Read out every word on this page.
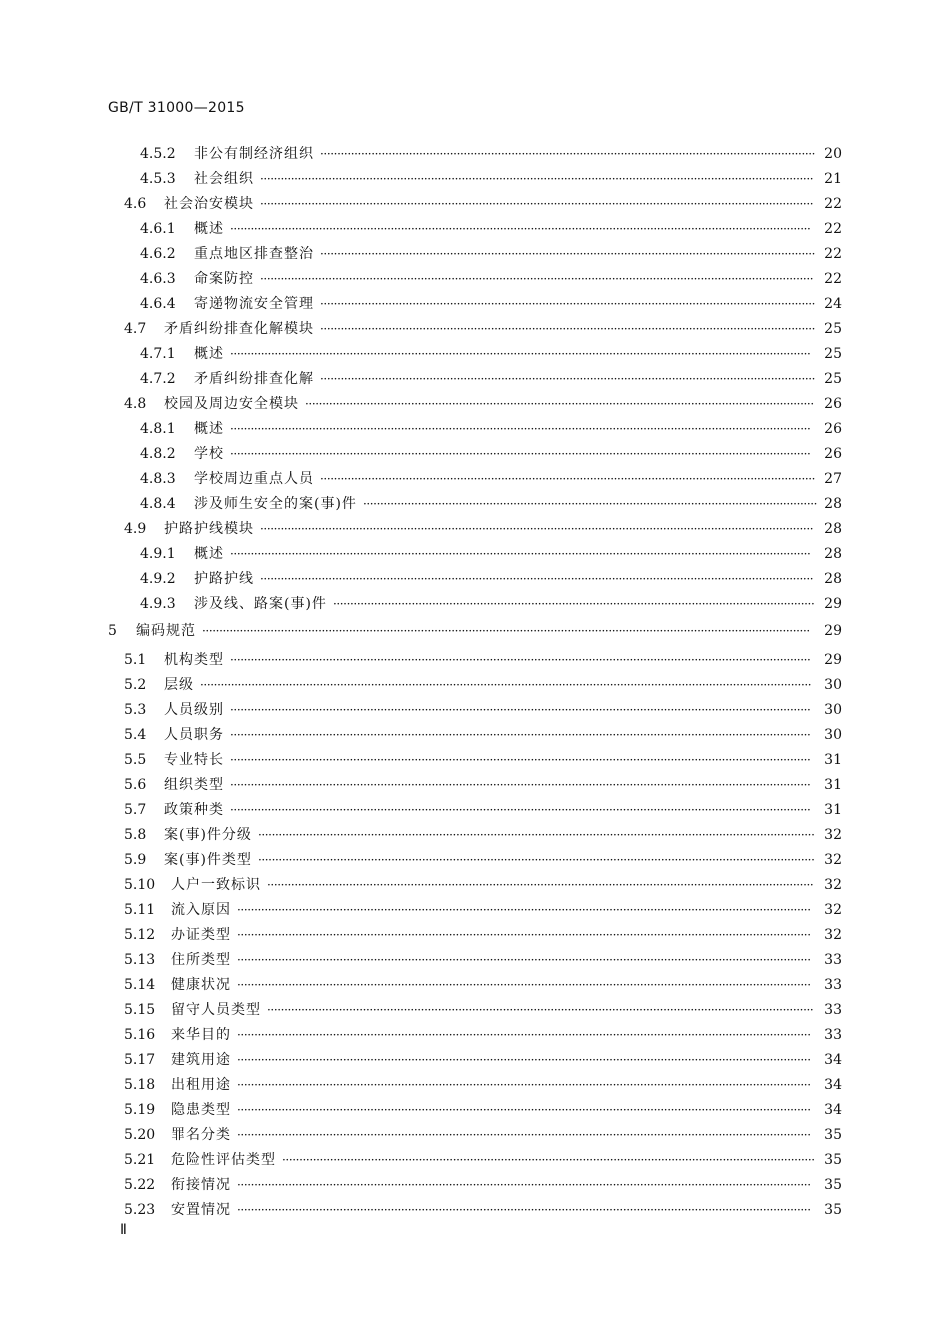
GB/T 31000—2015
4.5.2 非公有制经济组织	20
·················································································································································
4.5.3 社会组织	21
··································································································································································
4.6 社会治安模块	22
··································································································································································
4.6.1 概述	22
··········································································································································································
4.6.2 重点地区排查整治	22
·················································································································································
4.6.3 命案防控	22
··································································································································································
4.6.4 寄递物流安全管理	24
·················································································································································
4.7 矛盾纠纷排查化解模块	25
·················································································································································
4.7.1 概述	25
··········································································································································································
4.7.2 矛盾纠纷排查化解	25
·················································································································································
4.8 校园及周边安全模块	26
·····················································································································································
4.8.1 概述	26
··········································································································································································
4.8.2 学校	26
··········································································································································································
4.8.3 学校周边重点人员	27
·················································································································································
4.8.4 涉及师生安全的案(事)件	28
·····································································································································
4.9 护路护线模块	28
··································································································································································
4.9.1 概述	28
··········································································································································································
4.9.2 护路护线	28
··································································································································································
4.9.3 涉及线、路案(事)件	29
·············································································································································
5 编码规范	29
··················································································································································································
5.1 机构类型	29
··········································································································································································
5.2 层级	30
···················································································································································································
5.3 人员级别	30
··········································································································································································
5.4 人员职务	30
··········································································································································································
5.5 专业特长	31
··········································································································································································
5.6 组织类型	31
··········································································································································································
5.7 政策种类	31
··········································································································································································
5.8 案(事)件分级	32
···································································································································································
5.9 案(事)件类型	32
···································································································································································
5.10 人户一致标识	32
································································································································································
5.11 流入原因	32
········································································································································································
5.12 办证类型	32
········································································································································································
5.13 住所类型	33
········································································································································································
5.14 健康状况	33
········································································································································································
5.15 留守人员类型	33
································································································································································
5.16 来华目的	33
········································································································································································
5.17 建筑用途	34
········································································································································································
5.18 出租用途	34
········································································································································································
5.19 隐患类型	34
········································································································································································
5.20 罪名分类	35
········································································································································································
5.21 危险性评估类型	35
····························································································································································
5.22 衔接情况	35
········································································································································································
5.23 安置情况	35
········································································································································································
Ⅱ
